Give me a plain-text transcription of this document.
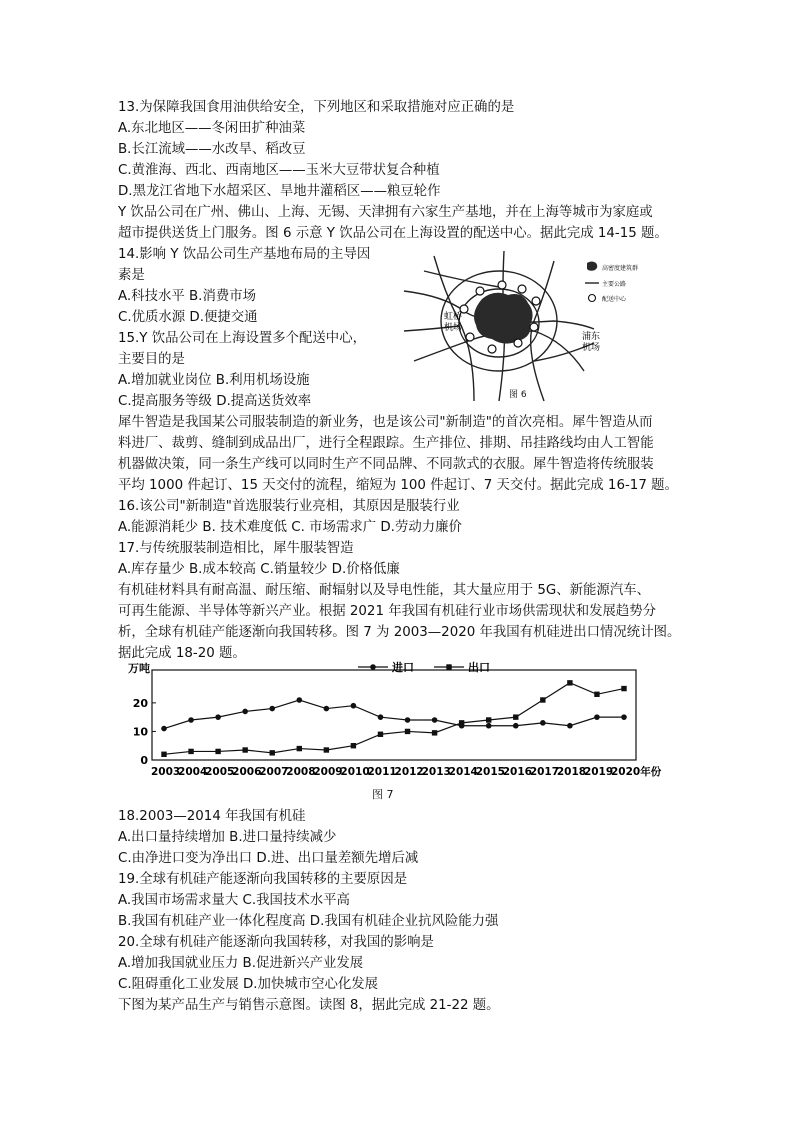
13.为保障我国食用油供给安全，下列地区和采取措施对应正确的是
A.东北地区——冬闲田扩种油菜
B.长江流域——水改旱、稻改豆
C.黄淮海、西北、西南地区——玉米大豆带状复合种植
D.黑龙江省地下水超采区、旱地井灌稻区——粮豆轮作
Y 饮品公司在广州、佛山、上海、无锡、天津拥有六家生产基地，并在上海等城市为家庭或
超市提供送货上门服务。图 6 示意 Y 饮品公司在上海设置的配送中心。据此完成 14-15 题。
14.影响 Y 饮品公司生产基地布局的主导因
素是
A.科技水平 B.消费市场
C.优质水源 D.便捷交通
15.Y 饮品公司在上海设置多个配送中心，
主要目的是
A.增加就业岗位 B.利用机场设施
C.提高服务等级 D.提高送货效率
虹桥
机场
浦东
机场
高密度建筑群
主要公路
配送中心
图 6
犀牛智造是我国某公司服装制造的新业务，也是该公司"新制造"的首次亮相。犀牛智造从而
料进厂、裁剪、缝制到成品出厂，进行全程跟踪。生产排位、排期、吊挂路线均由人工智能
机器做决策，同一条生产线可以同时生产不同品牌、不同款式的衣服。犀牛智造将传统服装
平均 1000 件起订、15 天交付的流程，缩短为 100 件起订、7 天交付。据此完成 16-17 题。
16.该公司"新制造"首选服装行业亮相，其原因是服装行业
A.能源消耗少 B. 技术难度低 C. 市场需求广 D.劳动力廉价
17.与传统服装制造相比，犀牛服装智造
A.库存量少 B.成本较高 C.销量较少 D.价格低廉
有机硅材料具有耐高温、耐压缩、耐辐射以及导电性能，其大量应用于 5G、新能源汽车、
可再生能源、半导体等新兴产业。根据 2021 年我国有机硅行业市场供需现状和发展趋势分
析，全球有机硅产能逐渐向我国转移。图 7 为 2003—2020 年我国有机硅进出口情况统计图。
据此完成 18-20 题。
万吨
0
10
20
2003
2004
2005
2006
2007
2008
2009
2010
2011
2012
2013
2014
2015
2016
2017
2018
2019
2020年份
进口	出口
图 7
18.2003—2014 年我国有机硅
A.出口量持续增加 B.进口量持续减少
C.由净进口变为净出口 D.进、出口量差额先增后减
19.全球有机硅产能逐渐向我国转移的主要原因是
A.我国市场需求量大 C.我国技术水平高
B.我国有机硅产业一体化程度高 D.我国有机硅企业抗风险能力强
20.全球有机硅产能逐渐向我国转移，对我国的影响是
A.增加我国就业压力 B.促进新兴产业发展
C.阻碍重化工业发展 D.加快城市空心化发展
下图为某产品生产与销售示意图。读图 8，据此完成 21-22 题。
